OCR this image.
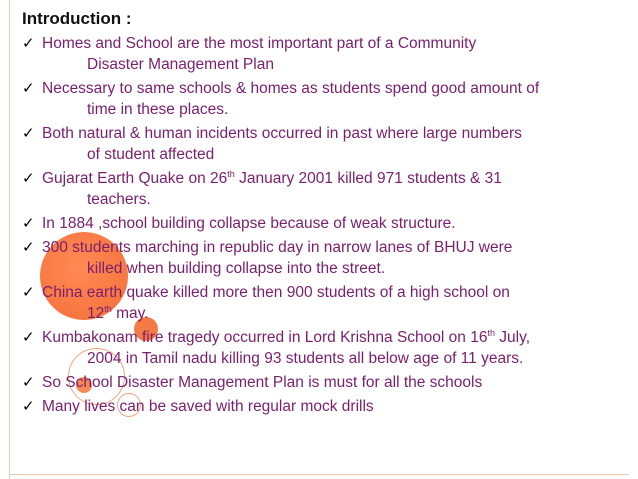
Introduction :
✓ Homes and School are the most important part of a Community
Disaster Management Plan
✓ Necessary to same schools & homes as students spend good amount of
time in these places.
✓ Both natural & human incidents occurred in past where large numbers
of student affected
✓ Gujarat Earth Quake on 26th January 2001 killed 971 students & 31
teachers.
✓ In 1884 ,school building collapse because of weak structure.
✓ 300 students marching in republic day in narrow lanes of BHUJ were
killed when building collapse into the street.
✓ China earth quake killed more then 900 students of a high school on
12th may.
✓ Kumbakonam fire tragedy occurred in Lord Krishna School on 16th July,
2004 in Tamil nadu killing 93 students all below age of 11 years.
✓ So School Disaster Management Plan is must for all the schools
✓ Many lives can be saved with regular mock drills
